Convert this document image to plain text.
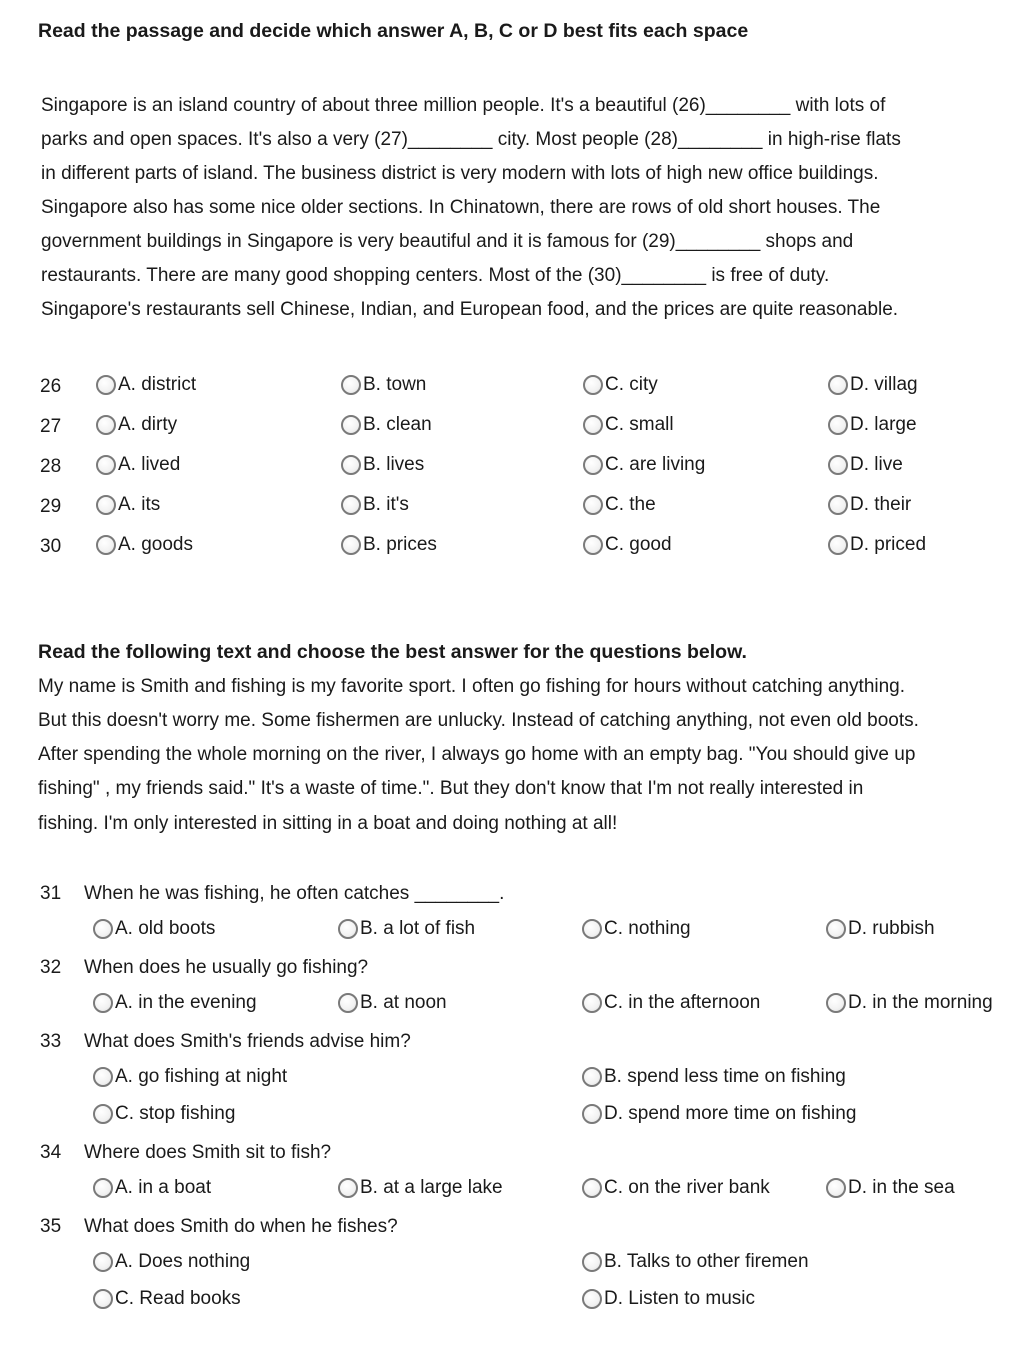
Read the passage and decide which answer A, B, C or D best fits each space
Singapore is an island country of about three million people. It's a beautiful (26)________ with lots of
parks and open spaces. It's also a very (27)________ city. Most people (28)________ in high-rise flats
in different parts of island. The business district is very modern with lots of high new office buildings.
Singapore also has some nice older sections. In Chinatown, there are rows of old short houses. The
government buildings in Singapore is very beautiful and it is famous for (29)________ shops and
restaurants. There are many good shopping centers. Most of the (30)________ is free of duty.
Singapore's restaurants sell Chinese, Indian, and European food, and the prices are quite reasonable.
26	A. district	B. town	C. city	D. villag
27	A. dirty	B. clean	C. small	D. large
28	A. lived	B. lives	C. are living	D. live
29	A. its	B. it's	C. the	D. their
30	A. goods	B. prices	C. good	D. priced
Read the following text and choose the best answer for the questions below.
My name is Smith and fishing is my favorite sport. I often go fishing for hours without catching anything.
But this doesn't worry me. Some fishermen are unlucky. Instead of catching anything, not even old boots.
After spending the whole morning on the river, I always go home with an empty bag. "You should give up
fishing" , my friends said." It's a waste of time.". But they don't know that I'm not really interested in
fishing. I'm only interested in sitting in a boat and doing nothing at all!
31 When he was fishing, he often catches ________.
A. old boots	B. a lot of fish	C. nothing	D. rubbish
32 When does he usually go fishing?
A. in the evening	B. at noon	C. in the afternoon	D. in the morning
33 What does Smith's friends advise him?
A. go fishing at night	B. spend less time on fishing
C. stop fishing	D. spend more time on fishing
34 Where does Smith sit to fish?
A. in a boat	B. at a large lake	C. on the river bank	D. in the sea
35 What does Smith do when he fishes?
A. Does nothing	B. Talks to other firemen
C. Read books	D. Listen to music
